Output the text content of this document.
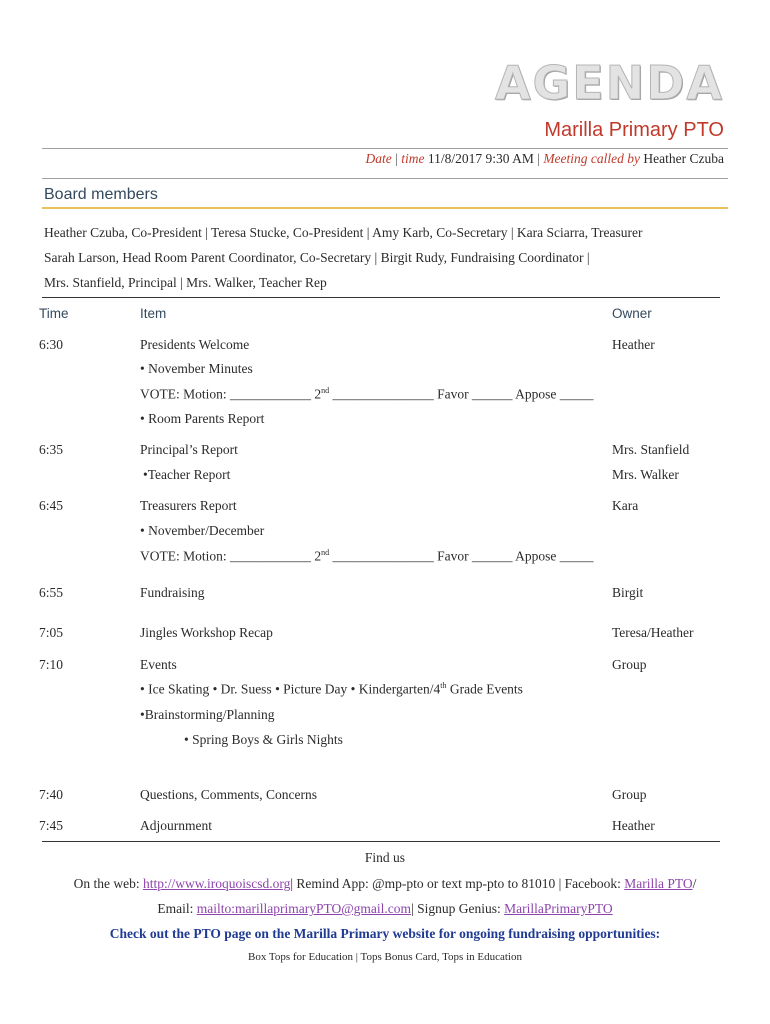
AGENDA
Marilla Primary PTO
Date | time 11/8/2017 9:30 AM | Meeting called by Heather Czuba
Board members
Heather Czuba, Co-President | Teresa Stucke, Co-President | Amy Karb, Co-Secretary | Kara Sciarra, Treasurer
Sarah Larson, Head Room Parent Coordinator, Co-Secretary | Birgit Rudy, Fundraising Coordinator |
Mrs. Stanfield, Principal | Mrs. Walker, Teacher Rep
Time	Item	Owner
6:30	Presidents Welcome	Heather
• November Minutes
VOTE: Motion: ____________ 2nd _______________ Favor ______ Appose _____
• Room Parents Report
6:35	Principal’s Report	Mrs. Stanfield
•Teacher Report	Mrs. Walker
6:45	Treasurers Report	Kara
• November/December
VOTE: Motion: ____________ 2nd _______________ Favor ______ Appose _____
6:55	Fundraising	Birgit
7:05	Jingles Workshop Recap	Teresa/Heather
7:10	Events	Group
• Ice Skating • Dr. Suess • Picture Day • Kindergarten/4th Grade Events
•Brainstorming/Planning
• Spring Boys & Girls Nights
7:40	Questions, Comments, Concerns	Group
7:45	Adjournment	Heather
Find us
On the web: http://www.iroquoiscsd.org| Remind App: @mp-pto or text mp-pto to 81010 | Facebook: Marilla PTO/
Email: mailto:marillaprimaryPTO@gmail.com| Signup Genius: MarillaPrimaryPTO
Check out the PTO page on the Marilla Primary website for ongoing fundraising opportunities:
Box Tops for Education | Tops Bonus Card, Tops in Education
